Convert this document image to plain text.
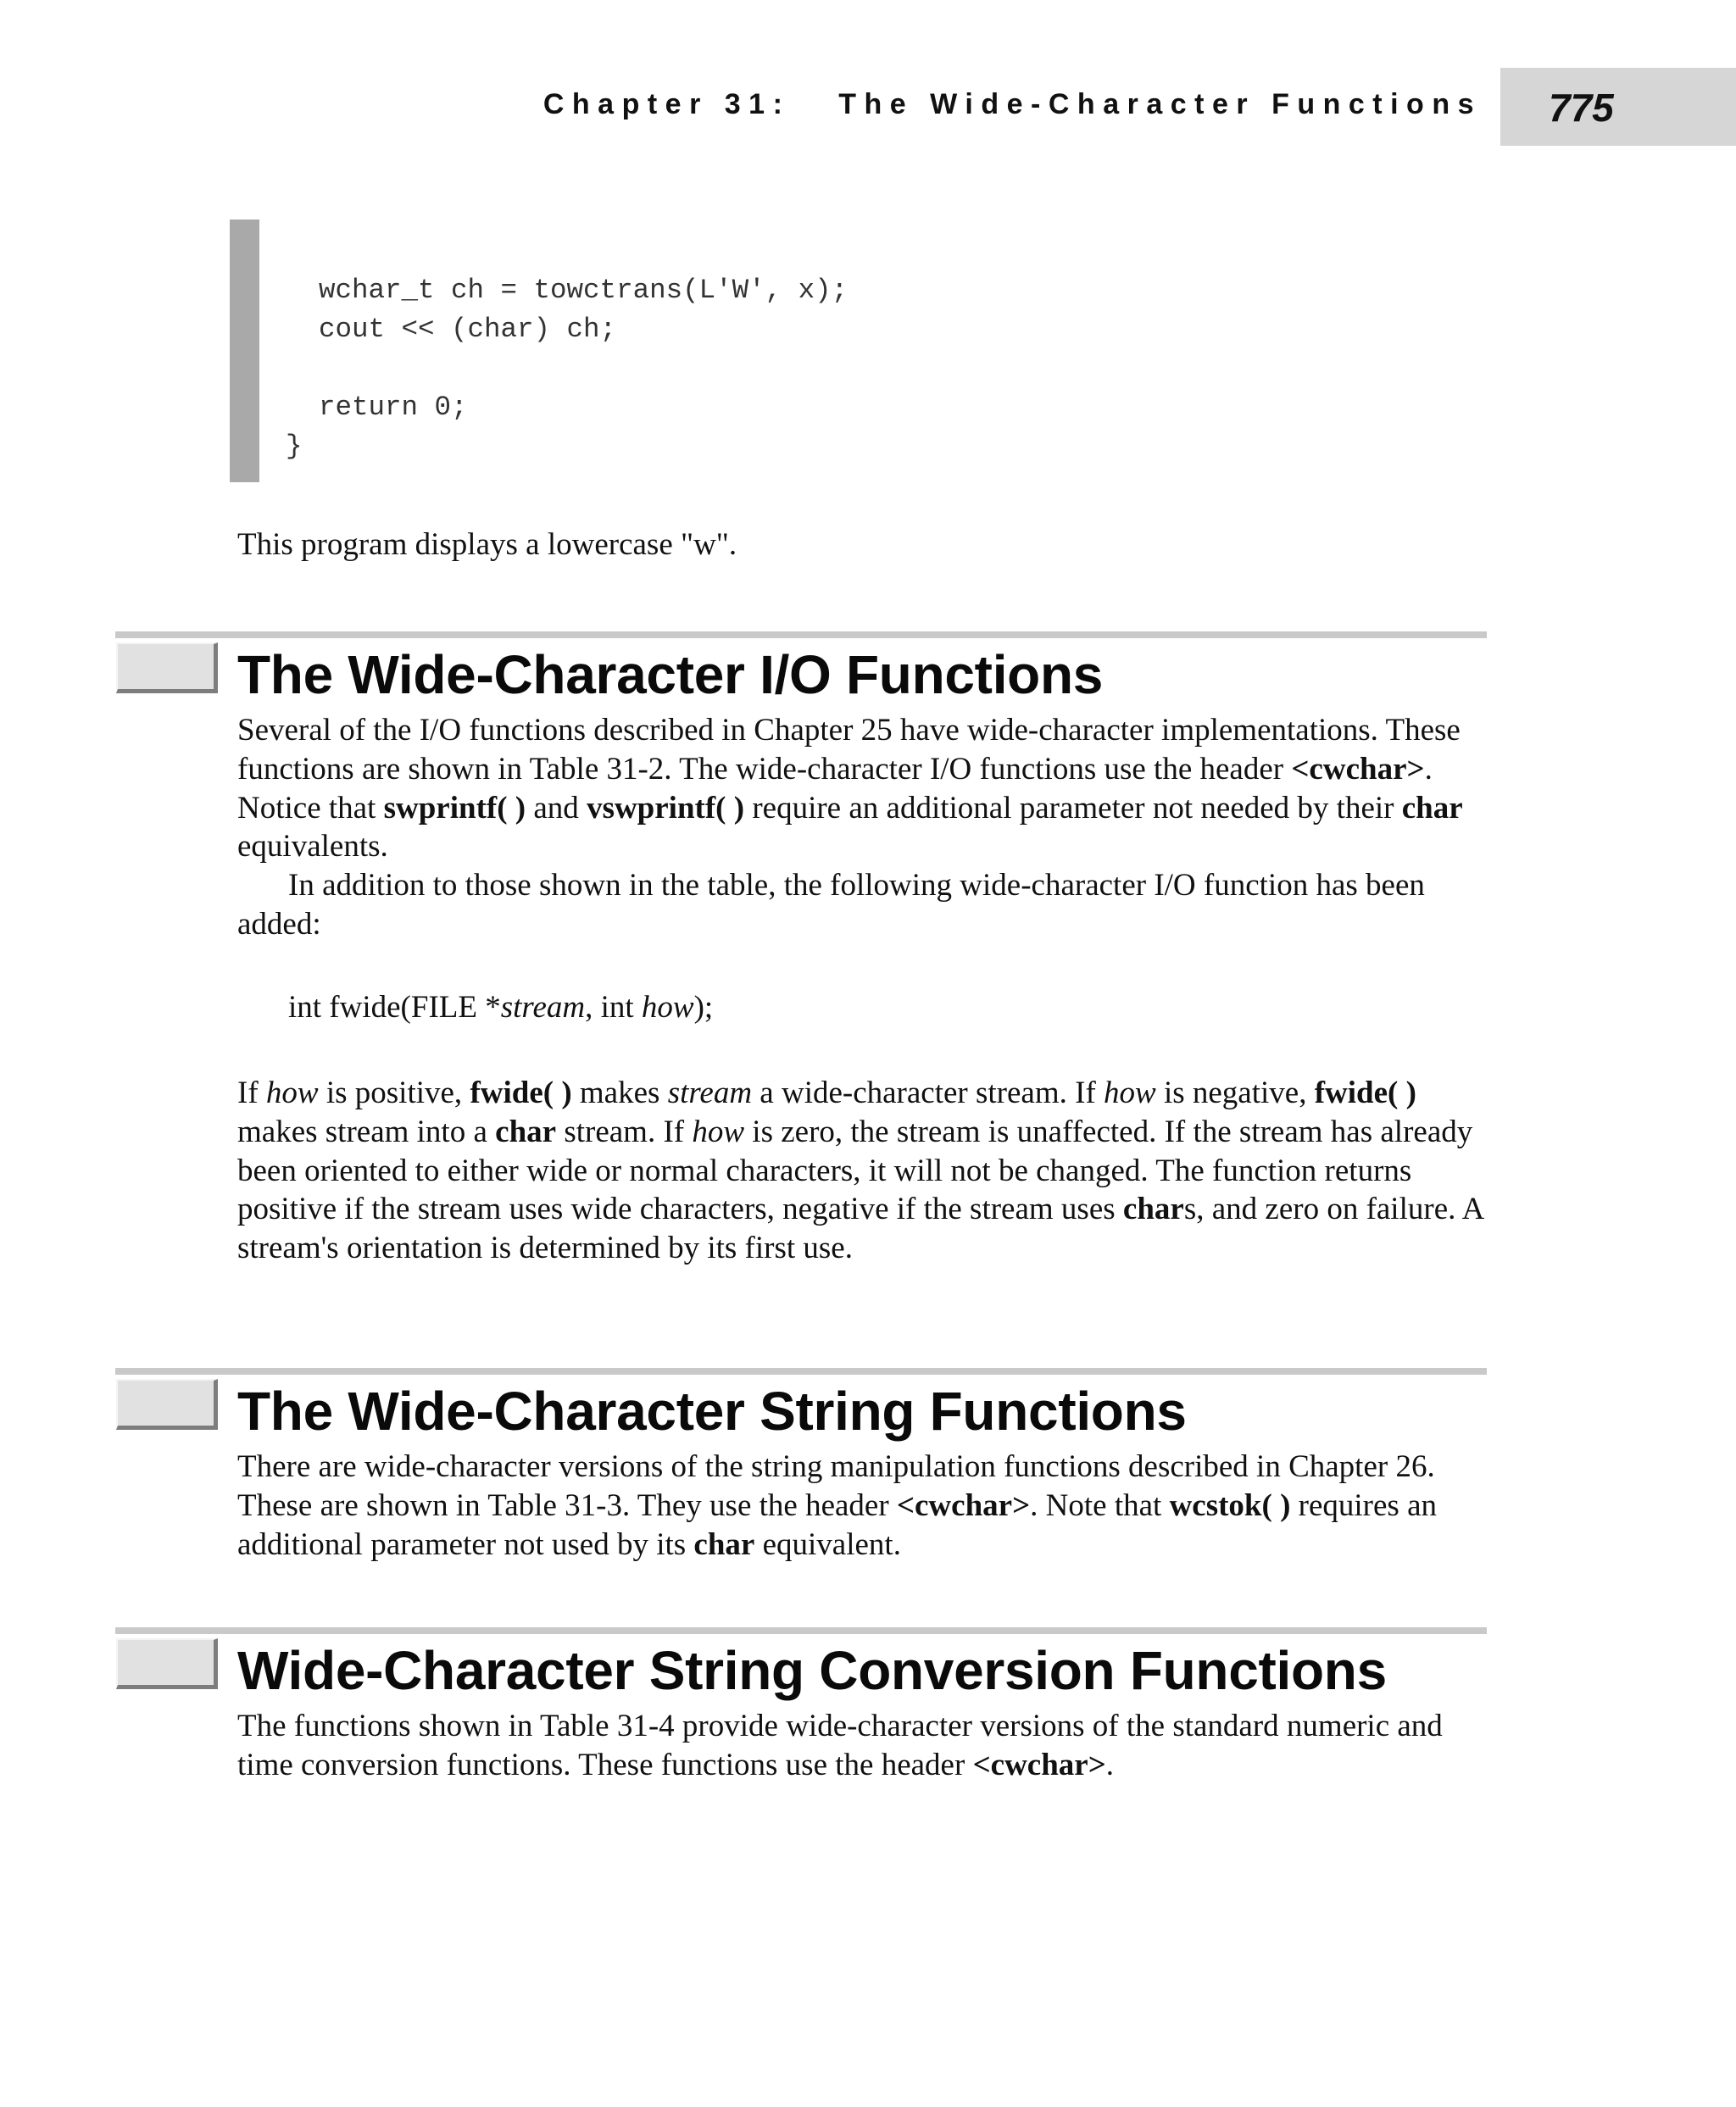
Chapter 31:   The Wide-Character Functions 775
wchar_t ch = towctrans(L'W', x);
cout << (char) ch;

return 0;
}

This program displays a lowercase "w".

The Wide-Character I/O Functions

Several of the I/O functions described in Chapter 25 have wide-character implementations. These functions are shown in Table 31-2. The wide-character I/O functions use the header <cwchar>. Notice that swprintf( ) and vswprintf( ) require an additional parameter not needed by their char equivalents.

In addition to those shown in the table, the following wide-character I/O function has been added:

int fwide(FILE *stream, int how);

If how is positive, fwide( ) makes stream a wide-character stream. If how is negative, fwide( ) makes stream into a char stream. If how is zero, the stream is unaffected. If the stream has already been oriented to either wide or normal characters, it will not be changed. The function returns positive if the stream uses wide characters, negative if the stream uses chars, and zero on failure. A stream's orientation is determined by its first use.

The Wide-Character String Functions

There are wide-character versions of the string manipulation functions described in Chapter 26. These are shown in Table 31-3. They use the header <cwchar>. Note that wcstok( ) requires an additional parameter not used by its char equivalent.

Wide-Character String Conversion Functions

The functions shown in Table 31-4 provide wide-character versions of the standard numeric and time conversion functions. These functions use the header <cwchar>.
